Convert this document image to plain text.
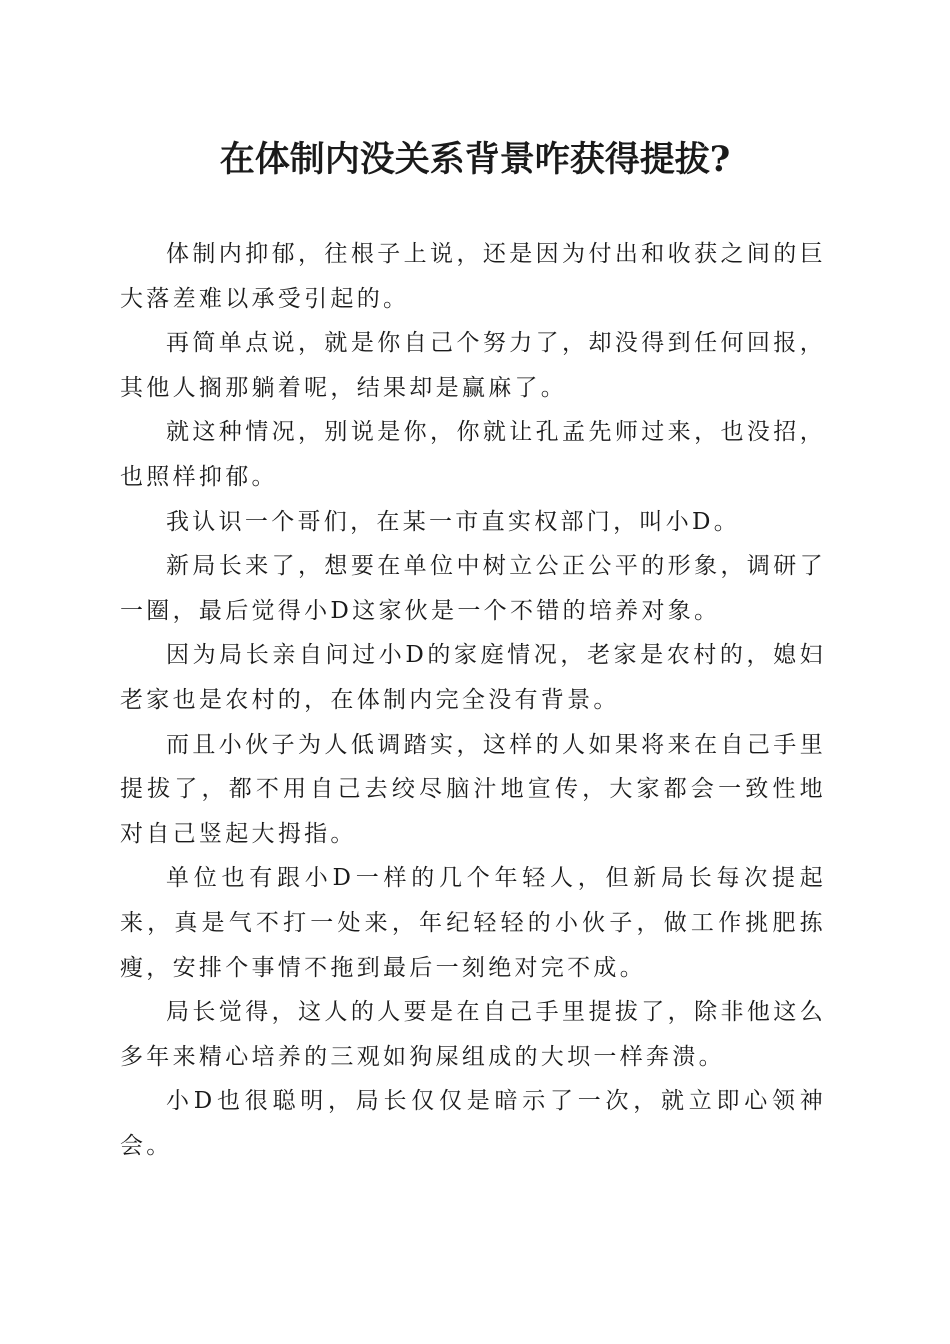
在体制内没关系背景咋获得提拔?

体制内抑郁，往根子上说，还是因为付出和收获之间的巨大落差难以承受引起的。

再简单点说，就是你自己个努力了，却没得到任何回报，其他人搁那躺着呢，结果却是赢麻了。

就这种情况，别说是你，你就让孔孟先师过来，也没招，也照样抑郁。

我认识一个哥们，在某一市直实权部门，叫小D。

新局长来了，想要在单位中树立公正公平的形象，调研了一圈，最后觉得小D这家伙是一个不错的培养对象。

因为局长亲自问过小D的家庭情况，老家是农村的，媳妇老家也是农村的，在体制内完全没有背景。

而且小伙子为人低调踏实，这样的人如果将来在自己手里提拔了，都不用自己去绞尽脑汁地宣传，大家都会一致性地对自己竖起大拇指。

单位也有跟小D一样的几个年轻人，但新局长每次提起来，真是气不打一处来，年纪轻轻的小伙子，做工作挑肥拣瘦，安排个事情不拖到最后一刻绝对完不成。

局长觉得，这人的人要是在自己手里提拔了，除非他这么多年来精心培养的三观如狗屎组成的大坝一样奔溃。

小D也很聪明，局长仅仅是暗示了一次，就立即心领神会。
